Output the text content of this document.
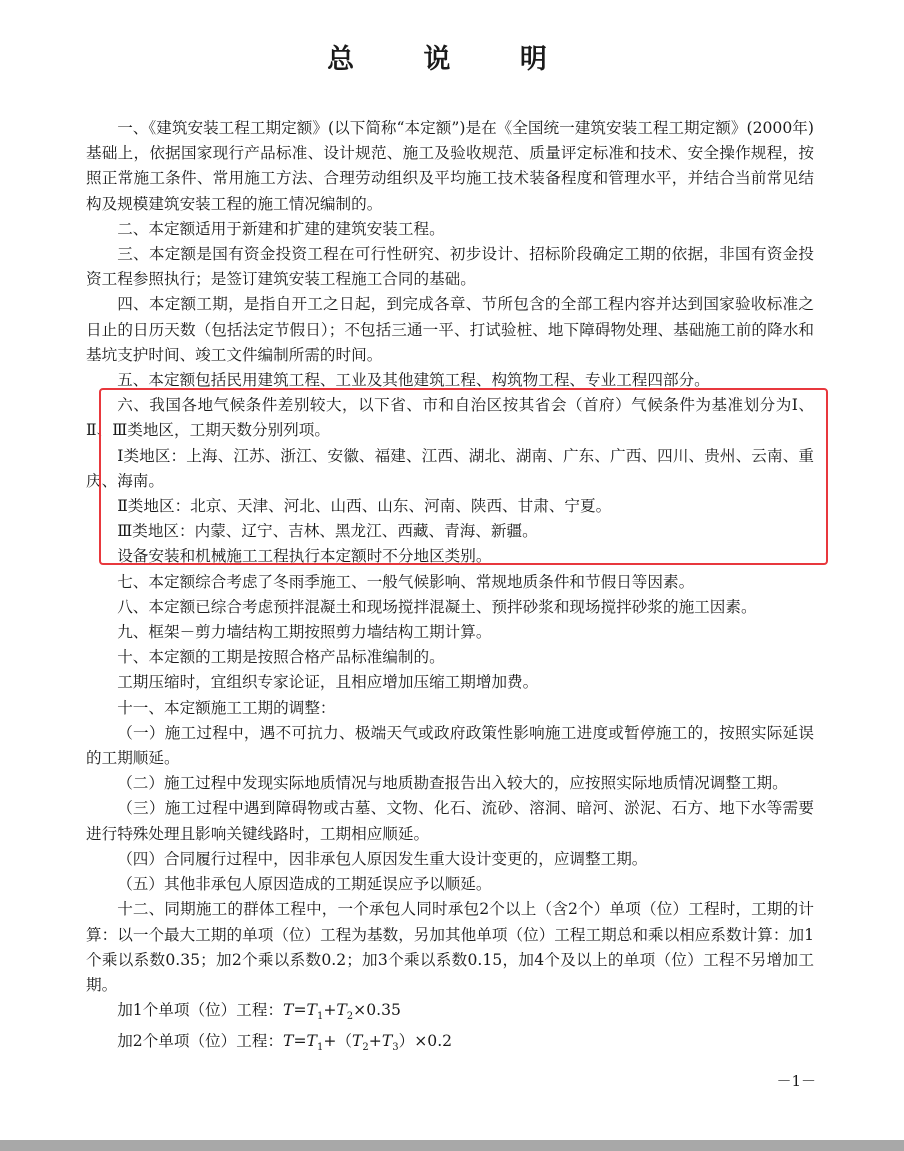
总 说 明

一、《建筑安装工程工期定额》(以下简称“本定额”)是在《全国统一建筑安装工程工期定额》(2000年)基础上，依据国家现行产品标准、设计规范、施工及验收规范、质量评定标准和技术、安全操作规程，按照正常施工条件、常用施工方法、合理劳动组织及平均施工技术装备程度和管理水平，并结合当前常见结构及规模建筑安装工程的施工情况编制的。

二、本定额适用于新建和扩建的建筑安装工程。

三、本定额是国有资金投资工程在可行性研究、初步设计、招标阶段确定工期的依据，非国有资金投资工程参照执行；是签订建筑安装工程施工合同的基础。

四、本定额工期，是指自开工之日起，到完成各章、节所包含的全部工程内容并达到国家验收标准之日止的日历天数（包括法定节假日）；不包括三通一平、打试验桩、地下障碍物处理、基础施工前的降水和基坑支护时间、竣工文件编制所需的时间。

五、本定额包括民用建筑工程、工业及其他建筑工程、构筑物工程、专业工程四部分。

六、我国各地气候条件差别较大，以下省、市和自治区按其省会（首府）气候条件为基准划分为Ⅰ、Ⅱ、Ⅲ类地区，工期天数分别列项。

Ⅰ类地区：上海、江苏、浙江、安徽、福建、江西、湖北、湖南、广东、广西、四川、贵州、云南、重庆、海南。

Ⅱ类地区：北京、天津、河北、山西、山东、河南、陕西、甘肃、宁夏。

Ⅲ类地区：内蒙、辽宁、吉林、黑龙江、西藏、青海、新疆。

设备安装和机械施工工程执行本定额时不分地区类别。

七、本定额综合考虑了冬雨季施工、一般气候影响、常规地质条件和节假日等因素。

八、本定额已综合考虑预拌混凝土和现场搅拌混凝土、预拌砂浆和现场搅拌砂浆的施工因素。

九、框架－剪力墙结构工期按照剪力墙结构工期计算。

十、本定额的工期是按照合格产品标准编制的。

工期压缩时，宜组织专家论证，且相应增加压缩工期增加费。

十一、本定额施工工期的调整：

（一）施工过程中，遇不可抗力、极端天气或政府政策性影响施工进度或暂停施工的，按照实际延误的工期顺延。

（二）施工过程中发现实际地质情况与地质勘查报告出入较大的，应按照实际地质情况调整工期。

（三）施工过程中遇到障碍物或古墓、文物、化石、流砂、溶洞、暗河、淤泥、石方、地下水等需要进行特殊处理且影响关键线路时，工期相应顺延。

（四）合同履行过程中，因非承包人原因发生重大设计变更的，应调整工期。

（五）其他非承包人原因造成的工期延误应予以顺延。

十二、同期施工的群体工程中，一个承包人同时承包2个以上（含2个）单项（位）工程时，工期的计算：以一个最大工期的单项（位）工程为基数，另加其他单项（位）工程工期总和乘以相应系数计算：加1个乘以系数0.35；加2个乘以系数0.2；加3个乘以系数0.15，加4个及以上的单项（位）工程不另增加工期。

加1个单项（位）工程：$T=T_1+T_2\times 0.35$

加2个单项（位）工程：$T=T_1+(T_2+T_3)\times 0.2$

－1－
